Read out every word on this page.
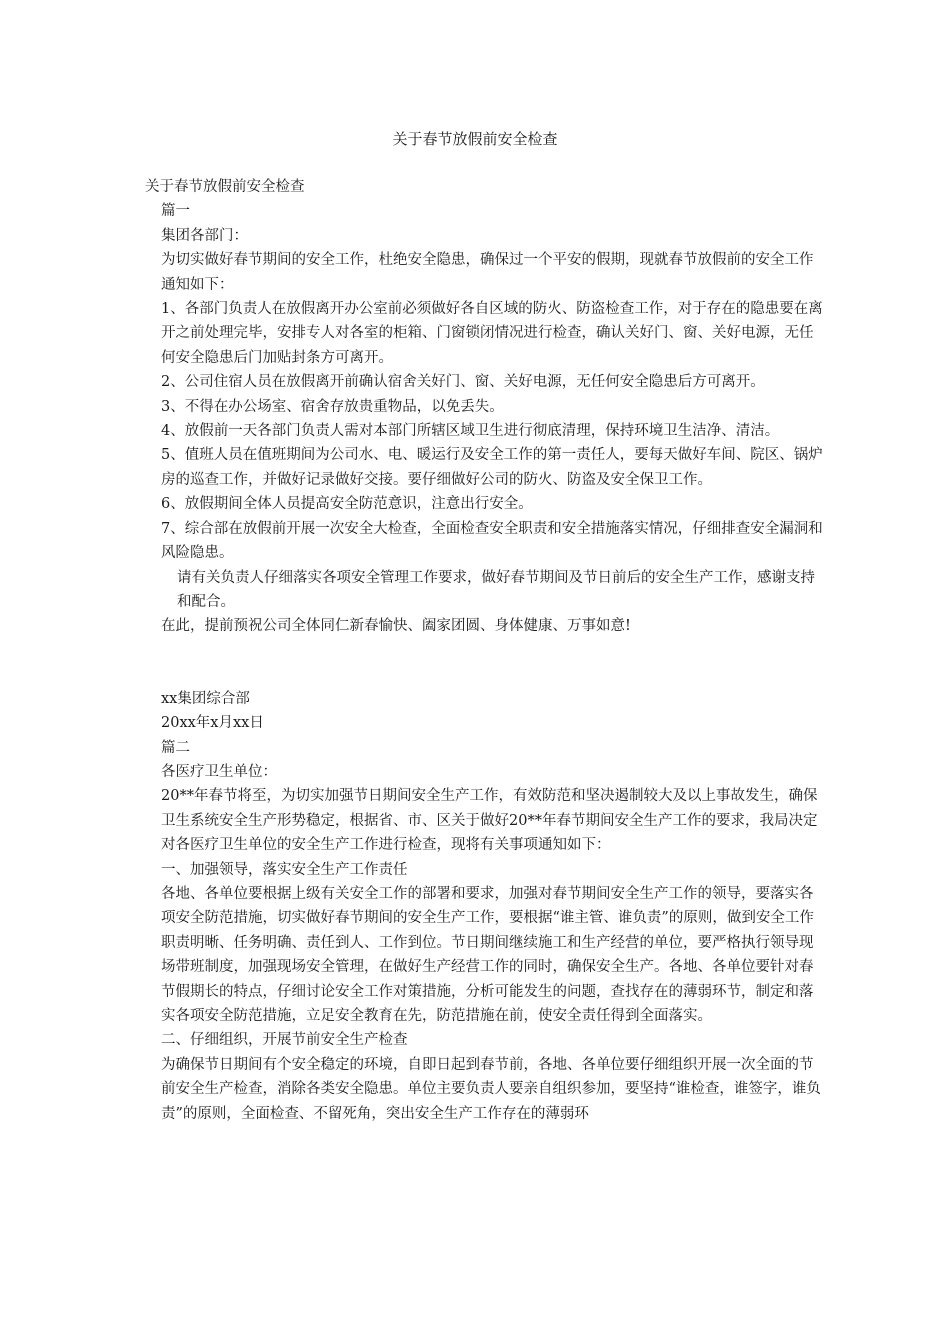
关于春节放假前安全检查

关于春节放假前安全检查

篇一

集团各部门：

为切实做好春节期间的安全工作，杜绝安全隐患，确保过一个平安的假期，现就春节放假前的安全工作通知如下：

1、各部门负责人在放假离开办公室前必须做好各自区域的防火、防盗检查工作，对于存在的隐患要在离开之前处理完毕，安排专人对各室的柜箱、门窗锁闭情况进行检查，确认关好门、窗、关好电源，无任何安全隐患后门加贴封条方可离开。

2、公司住宿人员在放假离开前确认宿舍关好门、窗、关好电源，无任何安全隐患后方可离开。

3、不得在办公场室、宿舍存放贵重物品，以免丢失。

4、放假前一天各部门负责人需对本部门所辖区域卫生进行彻底清理，保持环境卫生洁净、清洁。

5、值班人员在值班期间为公司水、电、暖运行及安全工作的第一责任人，要每天做好车间、院区、锅炉房的巡查工作，并做好记录做好交接。要仔细做好公司的防火、防盗及安全保卫工作。

6、放假期间全体人员提高安全防范意识，注意出行安全。

7、综合部在放假前开展一次安全大检查，全面检查安全职责和安全措施落实情况，仔细排查安全漏洞和风险隐患。

请有关负责人仔细落实各项安全管理工作要求，做好春节期间及节日前后的安全生产工作，感谢支持和配合。

在此，提前预祝公司全体同仁新春愉快、阖家团圆、身体健康、万事如意!

xx集团综合部

20xx年x月xx日

篇二

各医疗卫生单位：

20**年春节将至，为切实加强节日期间安全生产工作，有效防范和坚决遏制较大及以上事故发生，确保卫生系统安全生产形势稳定，根据省、市、区关于做好20**年春节期间安全生产工作的要求，我局决定对各医疗卫生单位的安全生产工作进行检查，现将有关事项通知如下：

一、加强领导，落实安全生产工作责任

各地、各单位要根据上级有关安全工作的部署和要求，加强对春节期间安全生产工作的领导，要落实各项安全防范措施，切实做好春节期间的安全生产工作，要根据“谁主管、谁负责”的原则，做到安全工作职责明晰、任务明确、责任到人、工作到位。节日期间继续施工和生产经营的单位，要严格执行领导现场带班制度，加强现场安全管理，在做好生产经营工作的同时，确保安全生产。各地、各单位要针对春节假期长的特点，仔细讨论安全工作对策措施，分析可能发生的问题，查找存在的薄弱环节，制定和落实各项安全防范措施，立足安全教育在先，防范措施在前，使安全责任得到全面落实。

二、仔细组织，开展节前安全生产检查

为确保节日期间有个安全稳定的环境，自即日起到春节前，各地、各单位要仔细组织开展一次全面的节前安全生产检查，消除各类安全隐患。单位主要负责人要亲自组织参加，要坚持“谁检查，谁签字，谁负责”的原则，全面检查、不留死角，突出安全生产工作存在的薄弱环
